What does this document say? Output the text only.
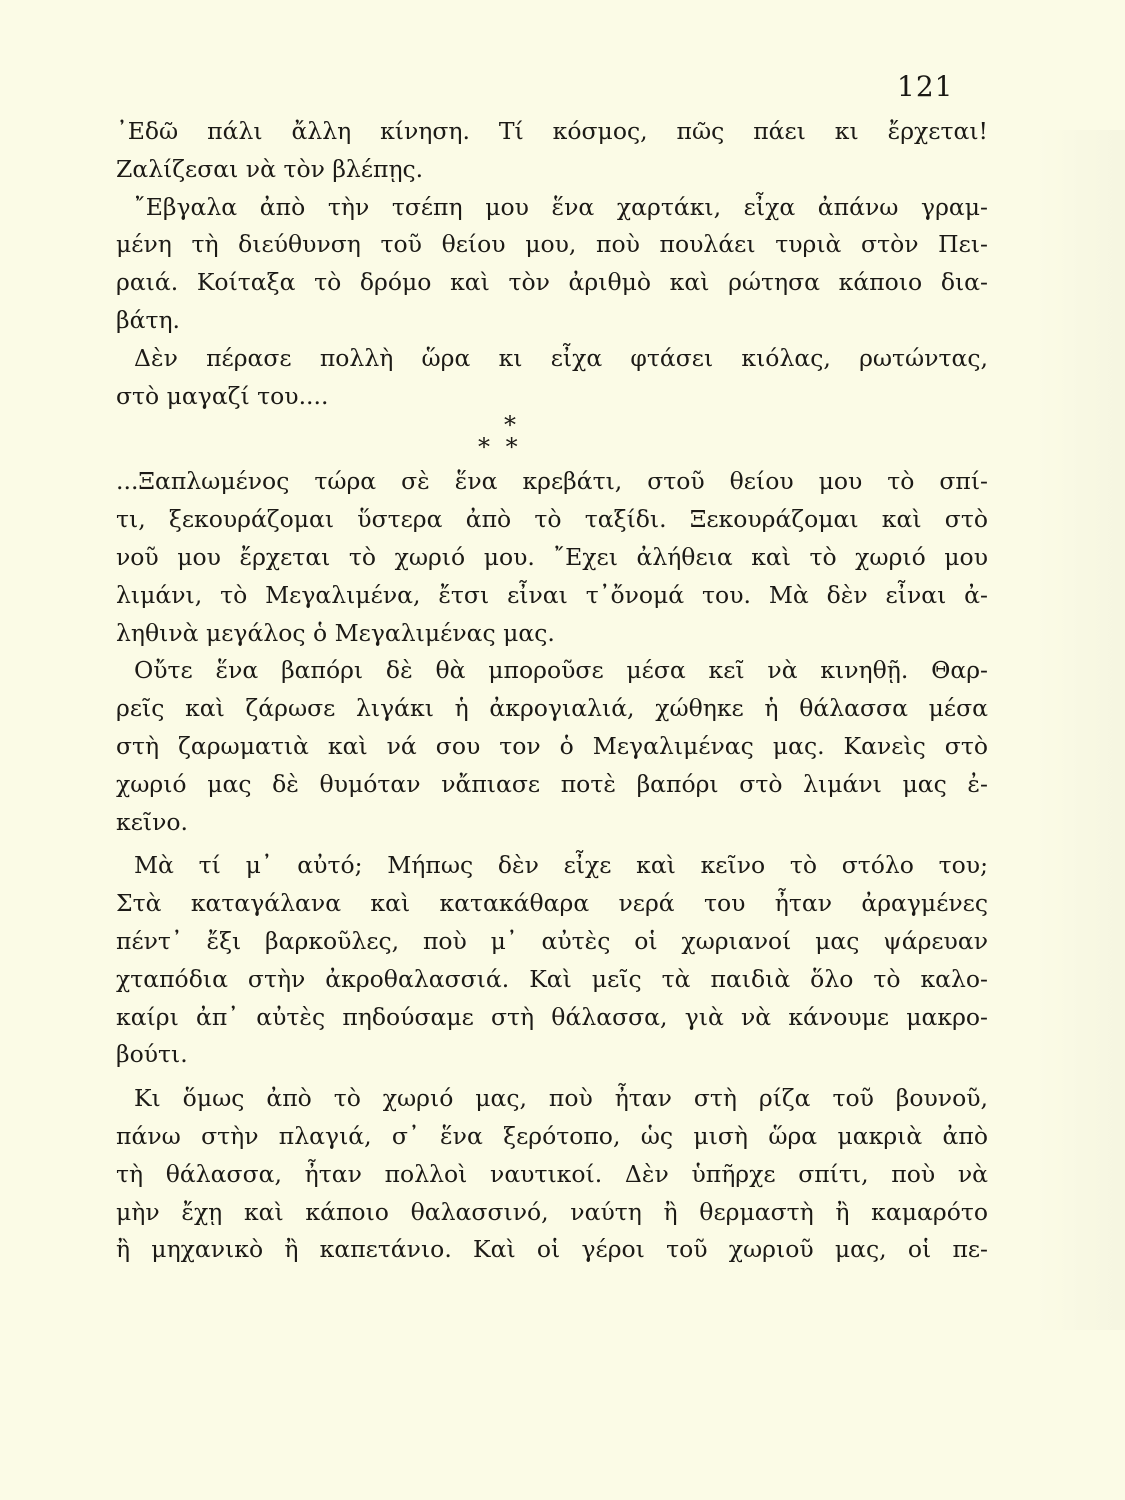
121
᾿Εδῶ πάλι ἄλλη κίνηση. Τί κόσμος, πῶς πάει κι ἔρχεται!
Ζαλίζεσαι νὰ τὸν βλέπῃς.
῎Εβγαλα ἀπὸ τὴν τσέπη μου ἕνα χαρτάκι, εἶχα ἀπάνω γραμ-
μένη τὴ διεύθυνση τοῦ θείου μου, ποὺ πουλάει τυριὰ στὸν Πει-
ραιά. Κοίταξα τὸ δρόμο καὶ τὸν ἀριθμὸ καὶ ρώτησα κάποιο δια-
βάτη.
Δὲν πέρασε πολλὴ ὥρα κι εἶχα φτάσει κιόλας, ρωτώντας,
στὸ μαγαζί του....
*
* *
...Ξαπλωμένος τώρα σὲ ἕνα κρεβάτι, στοῦ θείου μου τὸ σπί-
τι, ξεκουράζομαι ὕστερα ἀπὸ τὸ ταξίδι. Ξεκουράζομαι καὶ στὸ
νοῦ μου ἔρχεται τὸ χωριό μου. ῎Εχει ἀλήθεια καὶ τὸ χωριό μου
λιμάνι, τὸ Μεγαλιμένα, ἔτσι εἶναι τ᾿ὄνομά του. Μὰ δὲν εἶναι ἀ-
ληθινὰ μεγάλος ὁ Μεγαλιμένας μας.
Οὔτε ἕνα βαπόρι δὲ θὰ μποροῦσε μέσα κεῖ νὰ κινηθῇ. Θαρ-
ρεῖς καὶ ζάρωσε λιγάκι ἡ ἀκρογιαλιά, χώθηκε ἡ θάλασσα μέσα
στὴ ζαρωματιὰ καὶ νά σου τον ὁ Μεγαλιμένας μας. Κανεὶς στὸ
χωριό μας δὲ θυμόταν νἄπιασε ποτὲ βαπόρι στὸ λιμάνι μας ἐ-
κεῖνο.
Μὰ τί μ᾿ αὐτό; Μήπως δὲν εἶχε καὶ κεῖνο τὸ στόλο του;
Στὰ καταγάλανα καὶ κατακάθαρα νερά του ἦταν ἀραγμένες
πέντ᾿ ἔξι βαρκοῦλες, ποὺ μ᾿ αὐτὲς οἱ χωριανοί μας ψάρευαν
χταπόδια στὴν ἀκροθαλασσιά. Καὶ μεῖς τὰ παιδιὰ ὅλο τὸ καλο-
καίρι ἀπ᾿ αὐτὲς πηδούσαμε στὴ θάλασσα, γιὰ νὰ κάνουμε μακρο-
βούτι.
Κι ὅμως ἀπὸ τὸ χωριό μας, ποὺ ἦταν στὴ ρίζα τοῦ βουνοῦ,
πάνω στὴν πλαγιά, σ᾿ ἕνα ξερότοπο, ὡς μισὴ ὥρα μακριὰ ἀπὸ
τὴ θάλασσα, ἦταν πολλοὶ ναυτικοί. Δὲν ὑπῆρχε σπίτι, ποὺ νὰ
μὴν ἔχῃ καὶ κάποιο θαλασσινό, ναύτη ἢ θερμαστὴ ἢ καμαρότο
ἢ μηχανικὸ ἢ καπετάνιο. Καὶ οἱ γέροι τοῦ χωριοῦ μας, οἱ πε-
